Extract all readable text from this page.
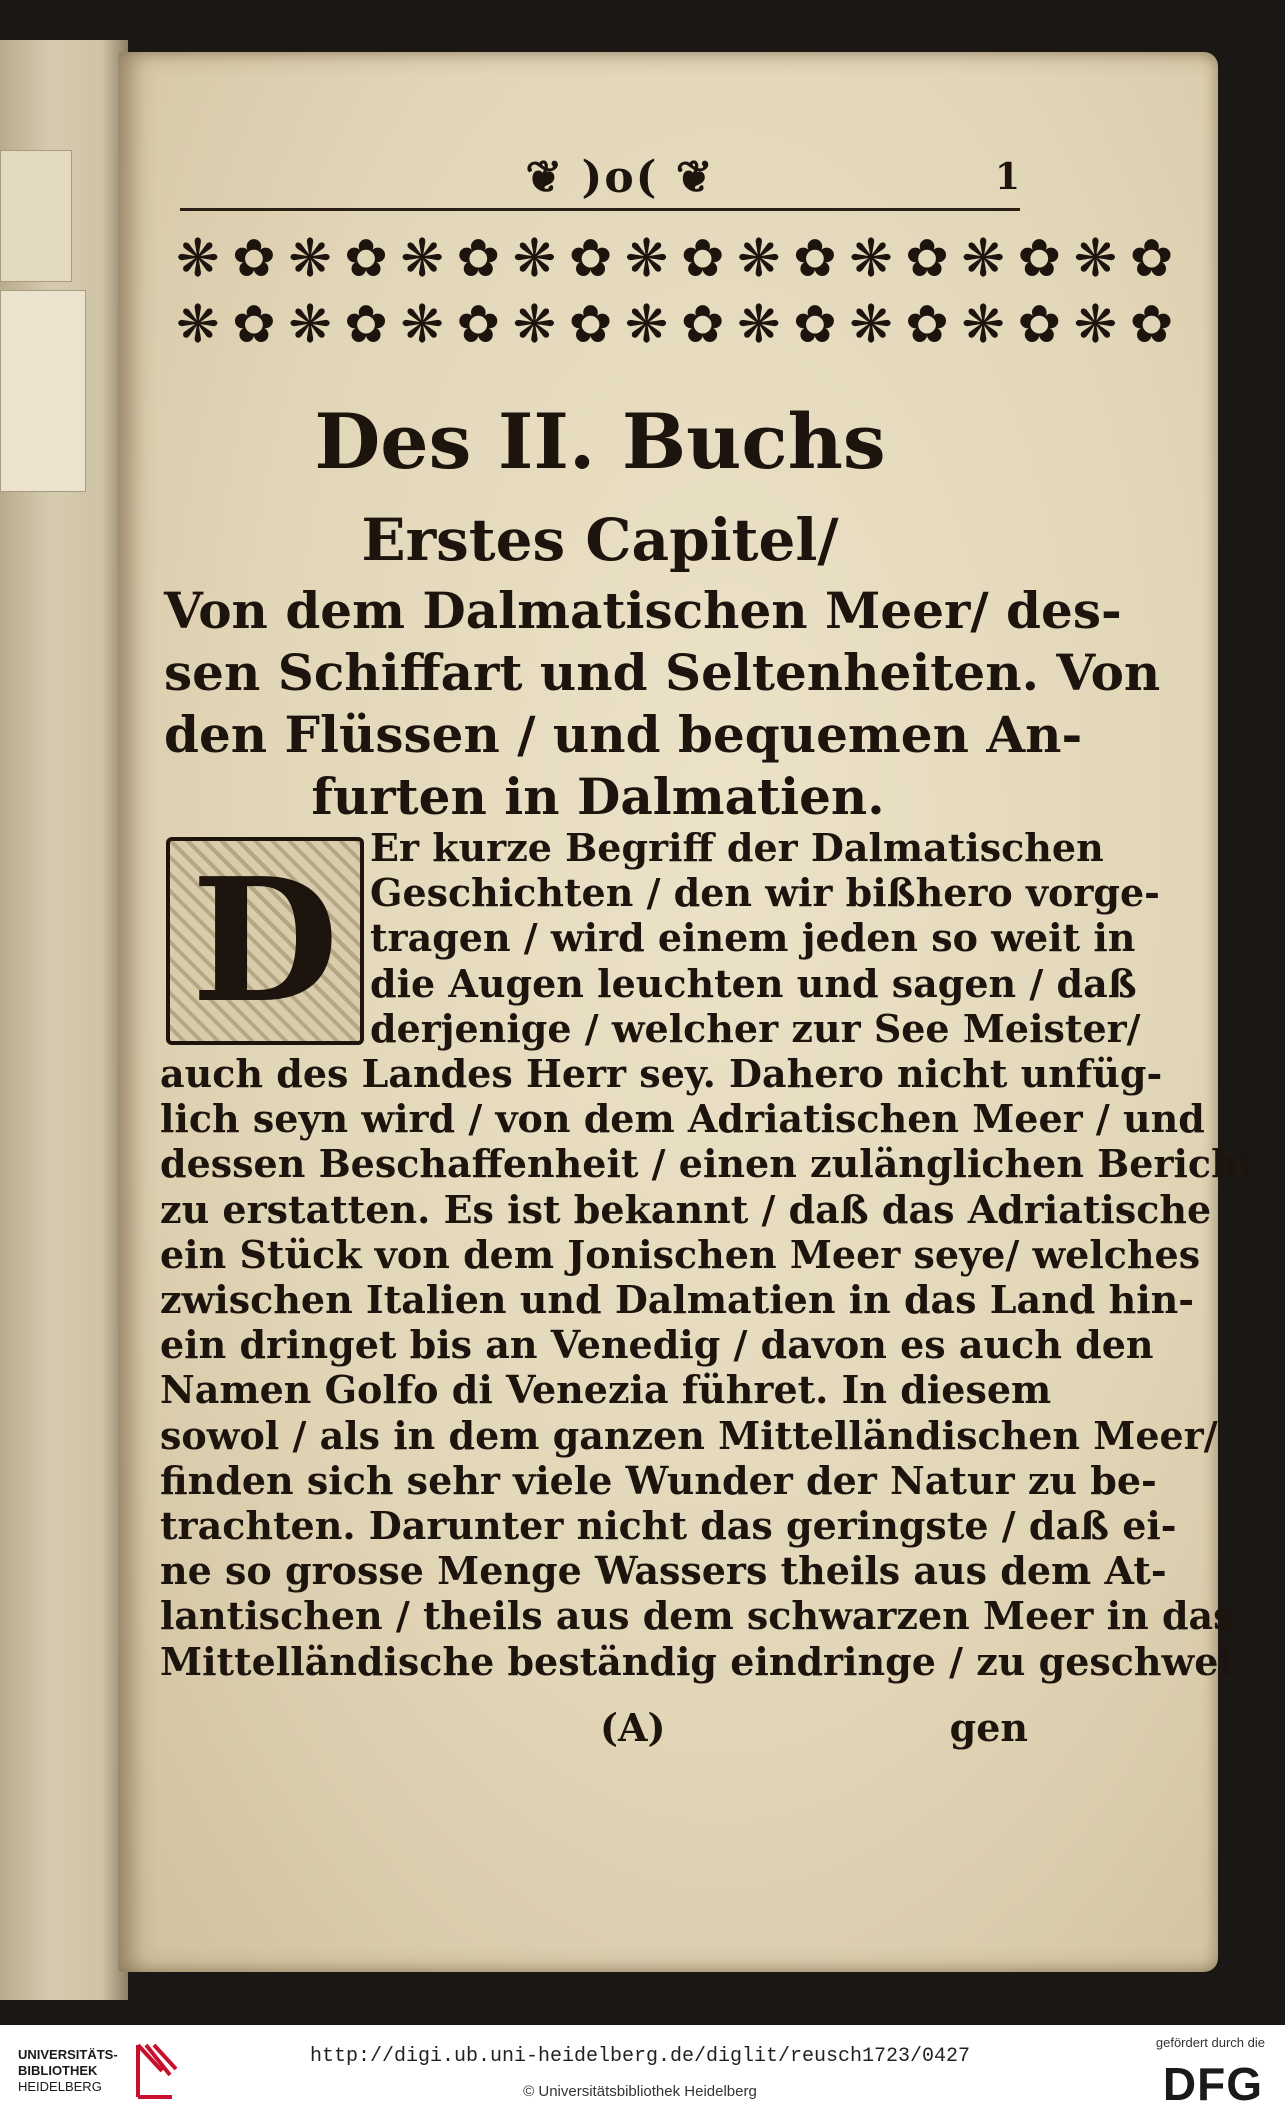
❦ )o( ❦	1
❋ ✿ ❋ ✿ ❋ ✿ ❋ ✿ ❋ ✿ ❋ ✿ ❋ ✿ ❋ ✿ ❋ ✿
❋ ✿ ❋ ✿ ❋ ✿ ❋ ✿ ❋ ✿ ❋ ✿ ❋ ✿ ❋ ✿ ❋ ✿
Des II. Buchs
Erstes Capitel/
Von dem Dalmatischen Meer/ des-
sen Schiffart und Seltenheiten. Von
den Flüssen / und bequemen An-
furten in Dalmatien.
D Er kurze Begriff der Dalmatischen
Geschichten / den wir bißhero vorge-
tragen / wird einem jeden so weit in
die Augen leuchten und sagen / daß
derjenige / welcher zur See Meister/
auch des Landes Herr sey. Dahero nicht unfüg-
lich seyn wird / von dem Adriatischen Meer / und
dessen Beschaffenheit / einen zulänglichen Bericht
zu erstatten. Es ist bekannt / daß das Adriatische
ein Stück von dem Jonischen Meer seye/ welches
zwischen Italien und Dalmatien in das Land hin-
ein dringet bis an Venedig / davon es auch den
Namen Golfo di Venezia führet. In diesem
sowol / als in dem ganzen Mittelländischen Meer/
finden sich sehr viele Wunder der Natur zu be-
trachten. Darunter nicht das geringste / daß ei-
ne so grosse Menge Wassers theils aus dem At-
lantischen / theils aus dem schwarzen Meer in das
Mittelländische beständig eindringe / zu geschwei-
(A)	gen
UNIVERSITÄTS-
BIBLIOTHEK
HEIDELBERG
http://digi.ub.uni-heidelberg.de/diglit/reusch1723/0427
© Universitätsbibliothek Heidelberg
gefördert durch die
DFG
